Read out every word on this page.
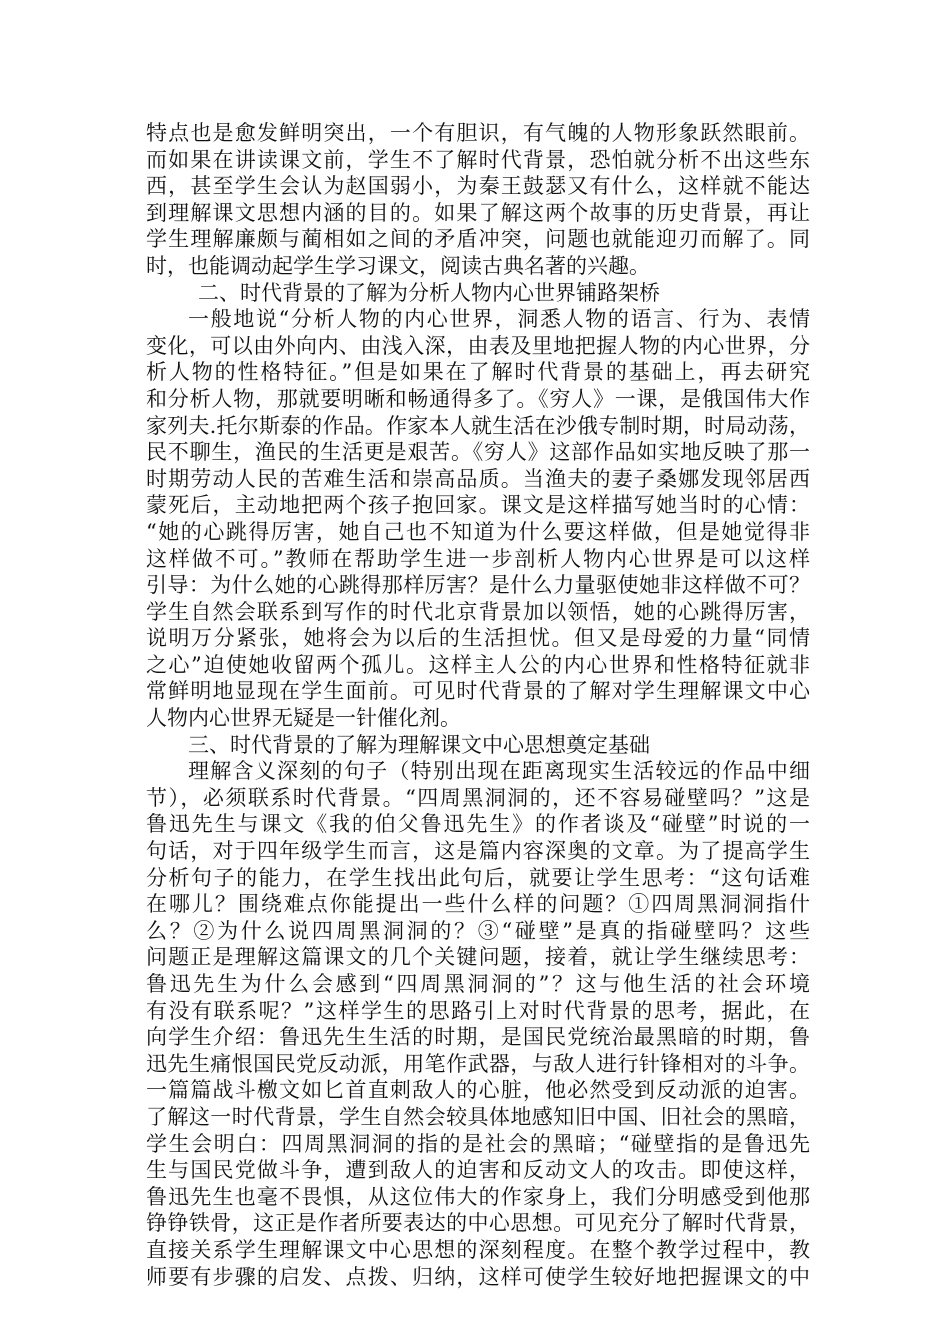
特点也是愈发鲜明突出，一个有胆识，有气魄的人物形象跃然眼前。
而如果在讲读课文前，学生不了解时代背景，恐怕就分析不出这些东
西，甚至学生会认为赵国弱小，为秦王鼓瑟又有什么，这样就不能达
到理解课文思想内涵的目的。如果了解这两个故事的历史背景，再让
学生理解廉颇与蔺相如之间的矛盾冲突，问题也就能迎刃而解了。同
时，也能调动起学生学习课文，阅读古典名著的兴趣。
二、时代背景的了解为分析人物内心世界铺路架桥
一般地说“分析人物的内心世界，洞悉人物的语言、行为、表情
变化，可以由外向内、由浅入深，由表及里地把握人物的内心世界，分
析人物的性格特征。”但是如果在了解时代背景的基础上，再去研究
和分析人物，那就要明晰和畅通得多了。《穷人》一课，是俄国伟大作
家列夫.托尔斯泰的作品。作家本人就生活在沙俄专制时期，时局动荡，
民不聊生，渔民的生活更是艰苦。《穷人》这部作品如实地反映了那一
时期劳动人民的苦难生活和崇高品质。当渔夫的妻子桑娜发现邻居西
蒙死后，主动地把两个孩子抱回家。课文是这样描写她当时的心情：
“她的心跳得厉害，她自己也不知道为什么要这样做，但是她觉得非
这样做不可。”教师在帮助学生进一步剖析人物内心世界是可以这样
引导：为什么她的心跳得那样厉害？是什么力量驱使她非这样做不可？
学生自然会联系到写作的时代北京背景加以领悟，她的心跳得厉害，
说明万分紧张，她将会为以后的生活担忧。但又是母爱的力量“同情
之心”迫使她收留两个孤儿。这样主人公的内心世界和性格特征就非
常鲜明地显现在学生面前。可见时代背景的了解对学生理解课文中心
人物内心世界无疑是一针催化剂。
三、时代背景的了解为理解课文中心思想奠定基础
理解含义深刻的句子（特别出现在距离现实生活较远的作品中细
节），必须联系时代背景。“四周黑洞洞的，还不容易碰壁吗？”这是
鲁迅先生与课文《我的伯父鲁迅先生》的作者谈及“碰壁”时说的一
句话，对于四年级学生而言，这是篇内容深奥的文章。为了提高学生
分析句子的能力，在学生找出此句后，就要让学生思考：“这句话难
在哪儿？围绕难点你能提出一些什么样的问题？①四周黑洞洞指什
么？②为什么说四周黑洞洞的？③“碰壁”是真的指碰壁吗？这些
问题正是理解这篇课文的几个关键问题，接着，就让学生继续思考：
鲁迅先生为什么会感到“四周黑洞洞的”？这与他生活的社会环境
有没有联系呢？”这样学生的思路引上对时代背景的思考，据此，在
向学生介绍：鲁迅先生生活的时期，是国民党统治最黑暗的时期，鲁
迅先生痛恨国民党反动派，用笔作武器，与敌人进行针锋相对的斗争。
一篇篇战斗檄文如匕首直刺敌人的心脏，他必然受到反动派的迫害。
了解这一时代背景，学生自然会较具体地感知旧中国、旧社会的黑暗，
学生会明白：四周黑洞洞的指的是社会的黑暗；“碰壁指的是鲁迅先
生与国民党做斗争，遭到敌人的迫害和反动文人的攻击。即使这样，
鲁迅先生也毫不畏惧，从这位伟大的作家身上，我们分明感受到他那
铮铮铁骨，这正是作者所要表达的中心思想。可见充分了解时代背景，
直接关系学生理解课文中心思想的深刻程度。在整个教学过程中，教
师要有步骤的启发、点拨、归纳，这样可使学生较好地把握课文的中
